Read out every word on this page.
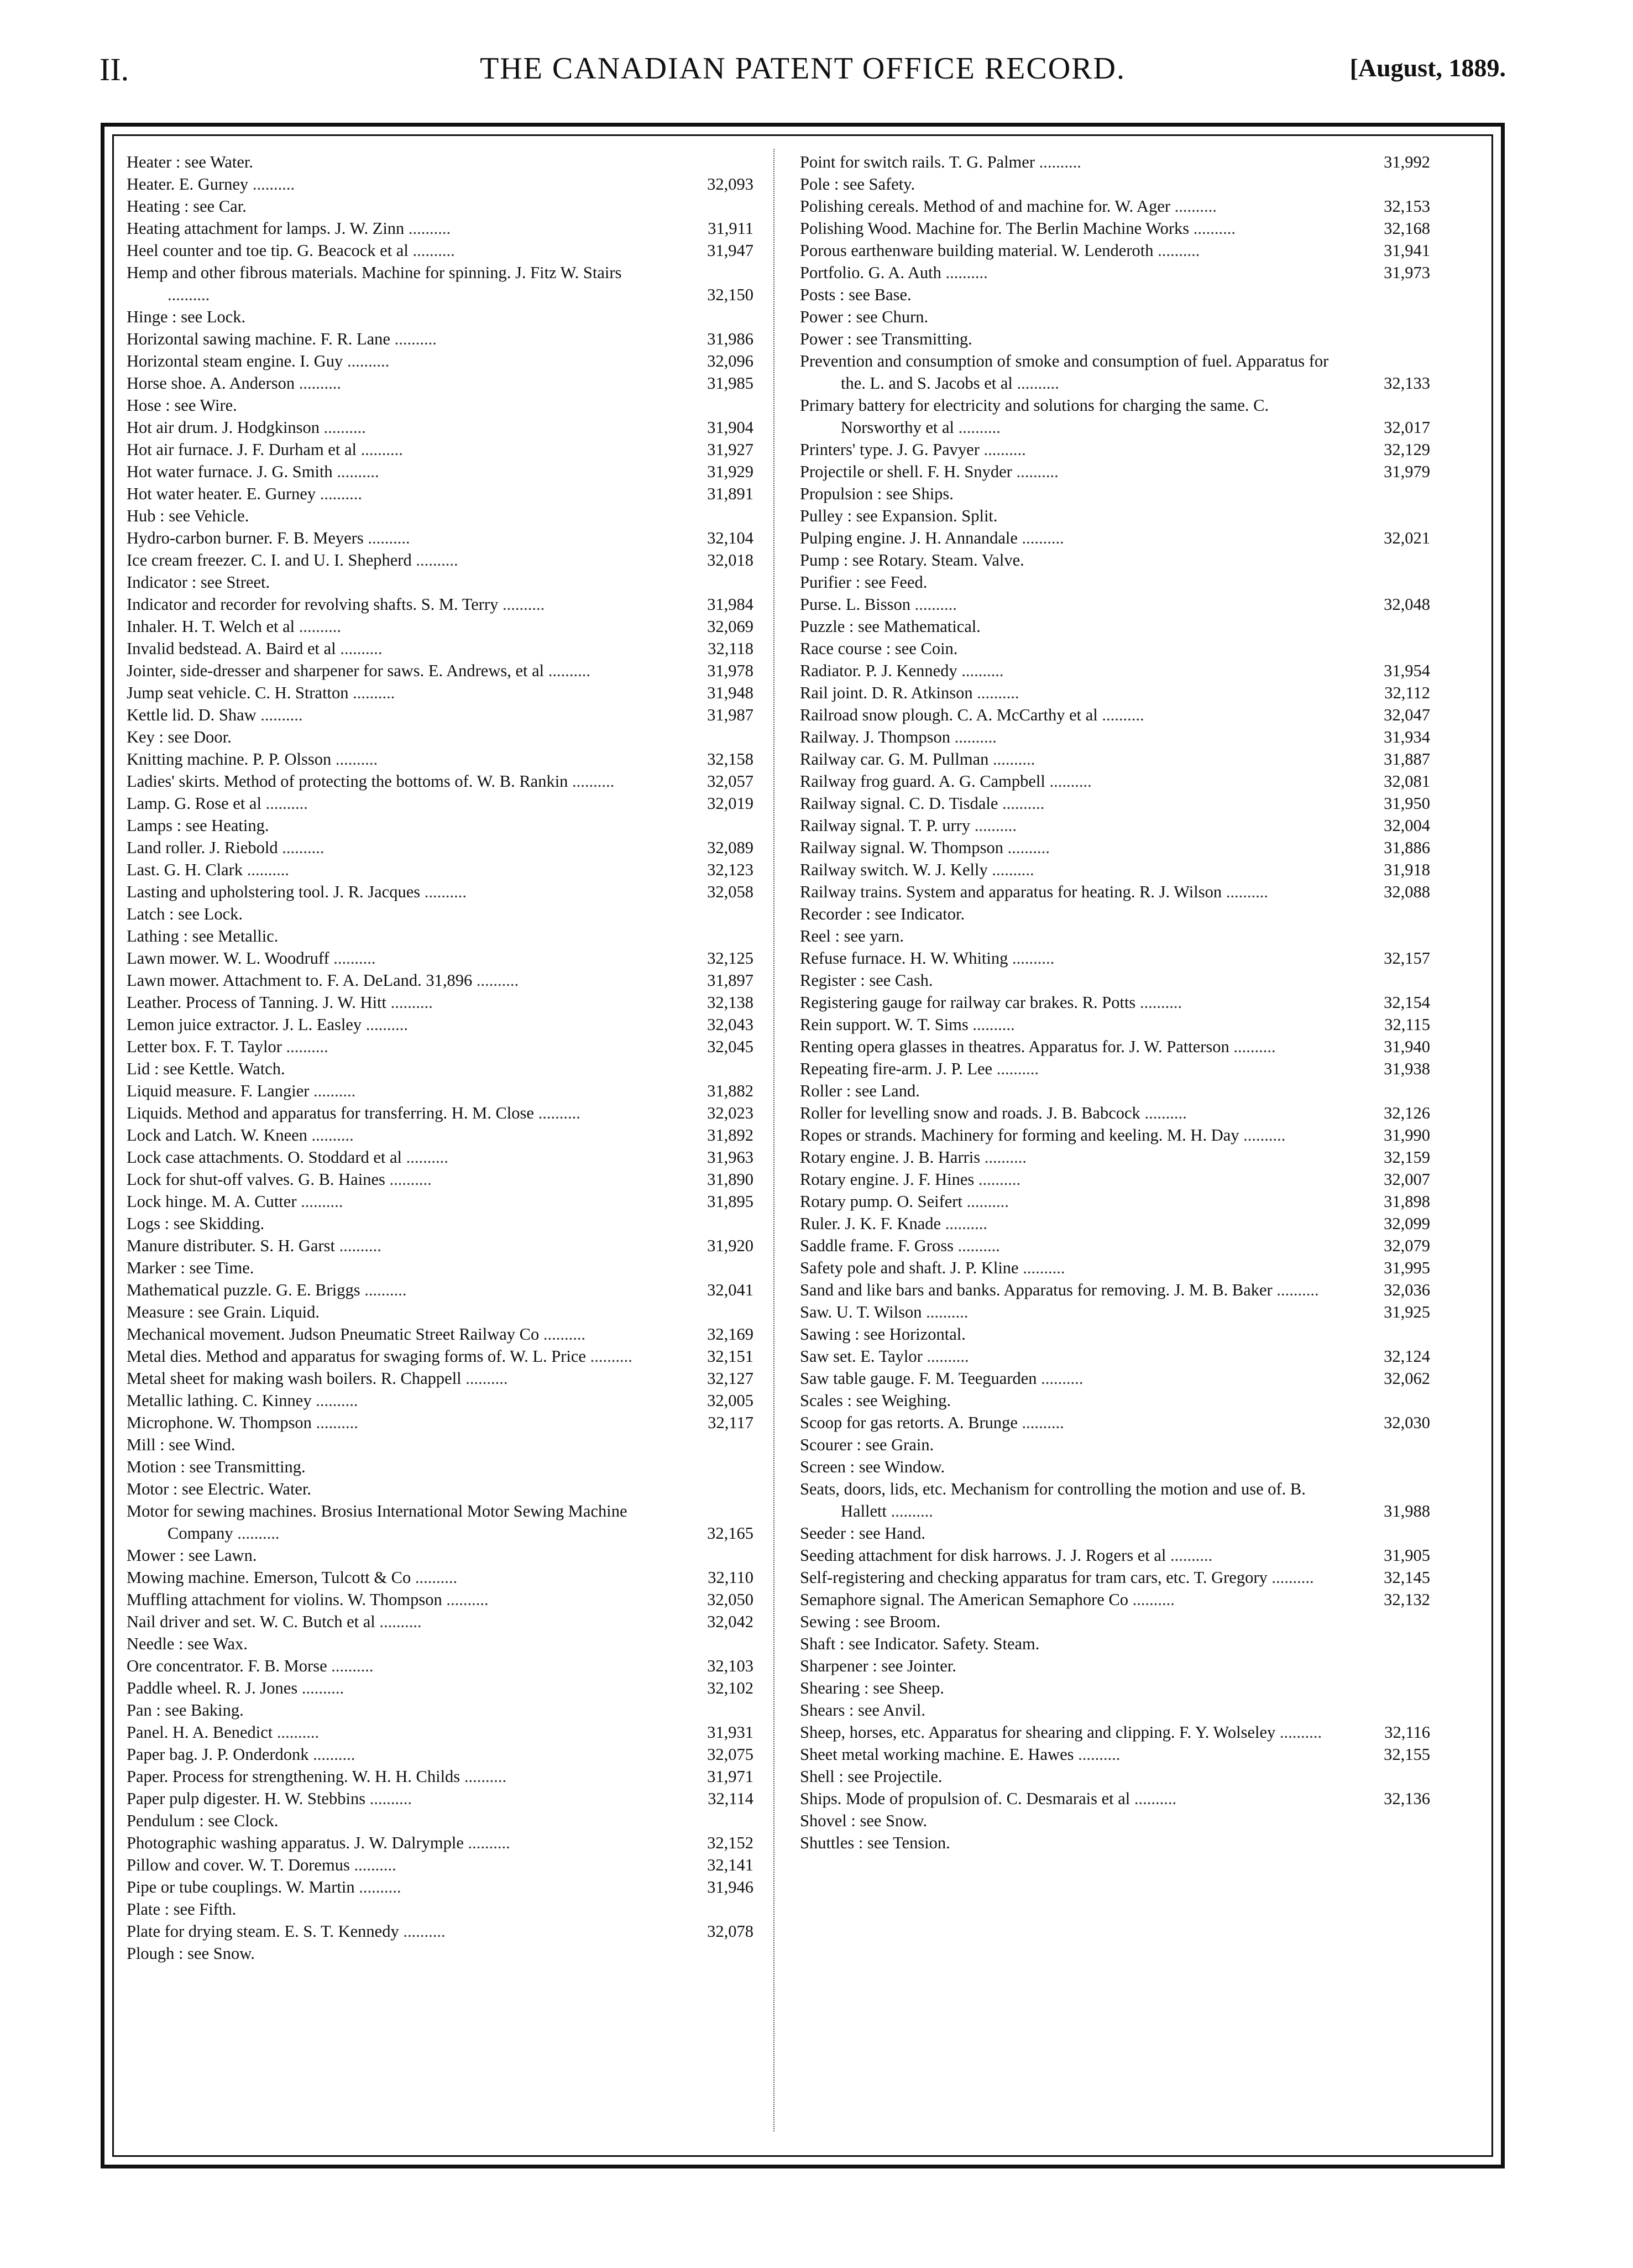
II.	THE CANADIAN PATENT OFFICE RECORD.	[August, 1889.
Heater : see Water.
Heater. E. Gurney ..........	32,093
Heating : see Car.
Heating attachment for lamps. J. W. Zinn ..........	31,911
Heel counter and toe tip. G. Beacock et al ..........	31,947
Hemp and other fibrous materials. Machine for spinning. J. Fitz W. Stairs ..........	32,150
Hinge : see Lock.
Horizontal sawing machine. F. R. Lane ..........	31,986
Horizontal steam engine. I. Guy ..........	32,096
Horse shoe. A. Anderson ..........	31,985
Hose : see Wire.
Hot air drum. J. Hodgkinson ..........	31,904
Hot air furnace. J. F. Durham et al ..........	31,927
Hot water furnace. J. G. Smith ..........	31,929
Hot water heater. E. Gurney ..........	31,891
Hub : see Vehicle.
Hydro-carbon burner. F. B. Meyers ..........	32,104
Ice cream freezer. C. I. and U. I. Shepherd ..........	32,018
Indicator : see Street.
Indicator and recorder for revolving shafts. S. M. Terry ..........	31,984
Inhaler. H. T. Welch et al ..........	32,069
Invalid bedstead. A. Baird et al ..........	32,118
Jointer, side-dresser and sharpener for saws. E. Andrews, et al ..........	31,978
Jump seat vehicle. C. H. Stratton ..........	31,948
Kettle lid. D. Shaw ..........	31,987
Key : see Door.
Knitting machine. P. P. Olsson ..........	32,158
Ladies' skirts. Method of protecting the bottoms of. W. B. Rankin ..........	32,057
Lamp. G. Rose et al ..........	32,019
Lamps : see Heating.
Land roller. J. Riebold ..........	32,089
Last. G. H. Clark ..........	32,123
Lasting and upholstering tool. J. R. Jacques ..........	32,058
Latch : see Lock.
Lathing : see Metallic.
Lawn mower. W. L. Woodruff ..........	32,125
Lawn mower. Attachment to. F. A. DeLand. 31,896 ..........	31,897
Leather. Process of Tanning. J. W. Hitt ..........	32,138
Lemon juice extractor. J. L. Easley ..........	32,043
Letter box. F. T. Taylor ..........	32,045
Lid : see Kettle. Watch.
Liquid measure. F. Langier ..........	31,882
Liquids. Method and apparatus for transferring. H. M. Close ..........	32,023
Lock and Latch. W. Kneen ..........	31,892
Lock case attachments. O. Stoddard et al ..........	31,963
Lock for shut-off valves. G. B. Haines ..........	31,890
Lock hinge. M. A. Cutter ..........	31,895
Logs : see Skidding.
Manure distributer. S. H. Garst ..........	31,920
Marker : see Time.
Mathematical puzzle. G. E. Briggs ..........	32,041
Measure : see Grain. Liquid.
Mechanical movement. Judson Pneumatic Street Railway Co ..........	32,169
Metal dies. Method and apparatus for swaging forms of. W. L. Price ..........	32,151
Metal sheet for making wash boilers. R. Chappell ..........	32,127
Metallic lathing. C. Kinney ..........	32,005
Microphone. W. Thompson ..........	32,117
Mill : see Wind.
Motion : see Transmitting.
Motor : see Electric. Water.
Motor for sewing machines. Brosius International Motor Sewing Machine Company ..........	32,165
Mower : see Lawn.
Mowing machine. Emerson, Tulcott & Co ..........	32,110
Muffling attachment for violins. W. Thompson ..........	32,050
Nail driver and set. W. C. Butch et al ..........	32,042
Needle : see Wax.
Ore concentrator. F. B. Morse ..........	32,103
Paddle wheel. R. J. Jones ..........	32,102
Pan : see Baking.
Panel. H. A. Benedict ..........	31,931
Paper bag. J. P. Onderdonk ..........	32,075
Paper. Process for strengthening. W. H. H. Childs ..........	31,971
Paper pulp digester. H. W. Stebbins ..........	32,114
Pendulum : see Clock.
Photographic washing apparatus. J. W. Dalrymple ..........	32,152
Pillow and cover. W. T. Doremus ..........	32,141
Pipe or tube couplings. W. Martin ..........	31,946
Plate : see Fifth.
Plate for drying steam. E. S. T. Kennedy ..........	32,078
Plough : see Snow.
Point for switch rails. T. G. Palmer ..........	31,992
Pole : see Safety.
Polishing cereals. Method of and machine for. W. Ager ..........	32,153
Polishing Wood. Machine for. The Berlin Machine Works ..........	32,168
Porous earthenware building material. W. Lenderoth ..........	31,941
Portfolio. G. A. Auth ..........	31,973
Posts : see Base.
Power : see Churn.
Power : see Transmitting.
Prevention and consumption of smoke and consumption of fuel. Apparatus for the. L. and S. Jacobs et al ..........	32,133
Primary battery for electricity and solutions for charging the same. C. Norsworthy et al ..........	32,017
Printers' type. J. G. Pavyer ..........	32,129
Projectile or shell. F. H. Snyder ..........	31,979
Propulsion : see Ships.
Pulley : see Expansion. Split.
Pulping engine. J. H. Annandale ..........	32,021
Pump : see Rotary. Steam. Valve.
Purifier : see Feed.
Purse. L. Bisson ..........	32,048
Puzzle : see Mathematical.
Race course : see Coin.
Radiator. P. J. Kennedy ..........	31,954
Rail joint. D. R. Atkinson ..........	32,112
Railroad snow plough. C. A. McCarthy et al ..........	32,047
Railway. J. Thompson ..........	31,934
Railway car. G. M. Pullman ..........	31,887
Railway frog guard. A. G. Campbell ..........	32,081
Railway signal. C. D. Tisdale ..........	31,950
Railway signal. T. P. urry ..........	32,004
Railway signal. W. Thompson ..........	31,886
Railway switch. W. J. Kelly ..........	31,918
Railway trains. System and apparatus for heating. R. J. Wilson ..........	32,088
Recorder : see Indicator.
Reel : see yarn.
Refuse furnace. H. W. Whiting ..........	32,157
Register : see Cash.
Registering gauge for railway car brakes. R. Potts ..........	32,154
Rein support. W. T. Sims ..........	32,115
Renting opera glasses in theatres. Apparatus for. J. W. Patterson ..........	31,940
Repeating fire-arm. J. P. Lee ..........	31,938
Roller : see Land.
Roller for levelling snow and roads. J. B. Babcock ..........	32,126
Ropes or strands. Machinery for forming and keeling. M. H. Day ..........	31,990
Rotary engine. J. B. Harris ..........	32,159
Rotary engine. J. F. Hines ..........	32,007
Rotary pump. O. Seifert ..........	31,898
Ruler. J. K. F. Knade ..........	32,099
Saddle frame. F. Gross ..........	32,079
Safety pole and shaft. J. P. Kline ..........	31,995
Sand and like bars and banks. Apparatus for removing. J. M. B. Baker ..........	32,036
Saw. U. T. Wilson ..........	31,925
Sawing : see Horizontal.
Saw set. E. Taylor ..........	32,124
Saw table gauge. F. M. Teeguarden ..........	32,062
Scales : see Weighing.
Scoop for gas retorts. A. Brunge ..........	32,030
Scourer : see Grain.
Screen : see Window.
Seats, doors, lids, etc. Mechanism for controlling the motion and use of. B. Hallett ..........	31,988
Seeder : see Hand.
Seeding attachment for disk harrows. J. J. Rogers et al ..........	31,905
Self-registering and checking apparatus for tram cars, etc. T. Gregory ..........	32,145
Semaphore signal. The American Semaphore Co ..........	32,132
Sewing : see Broom.
Shaft : see Indicator. Safety. Steam.
Sharpener : see Jointer.
Shearing : see Sheep.
Shears : see Anvil.
Sheep, horses, etc. Apparatus for shearing and clipping. F. Y. Wolseley ..........	32,116
Sheet metal working machine. E. Hawes ..........	32,155
Shell : see Projectile.
Ships. Mode of propulsion of. C. Desmarais et al ..........	32,136
Shovel : see Snow.
Shuttles : see Tension.
